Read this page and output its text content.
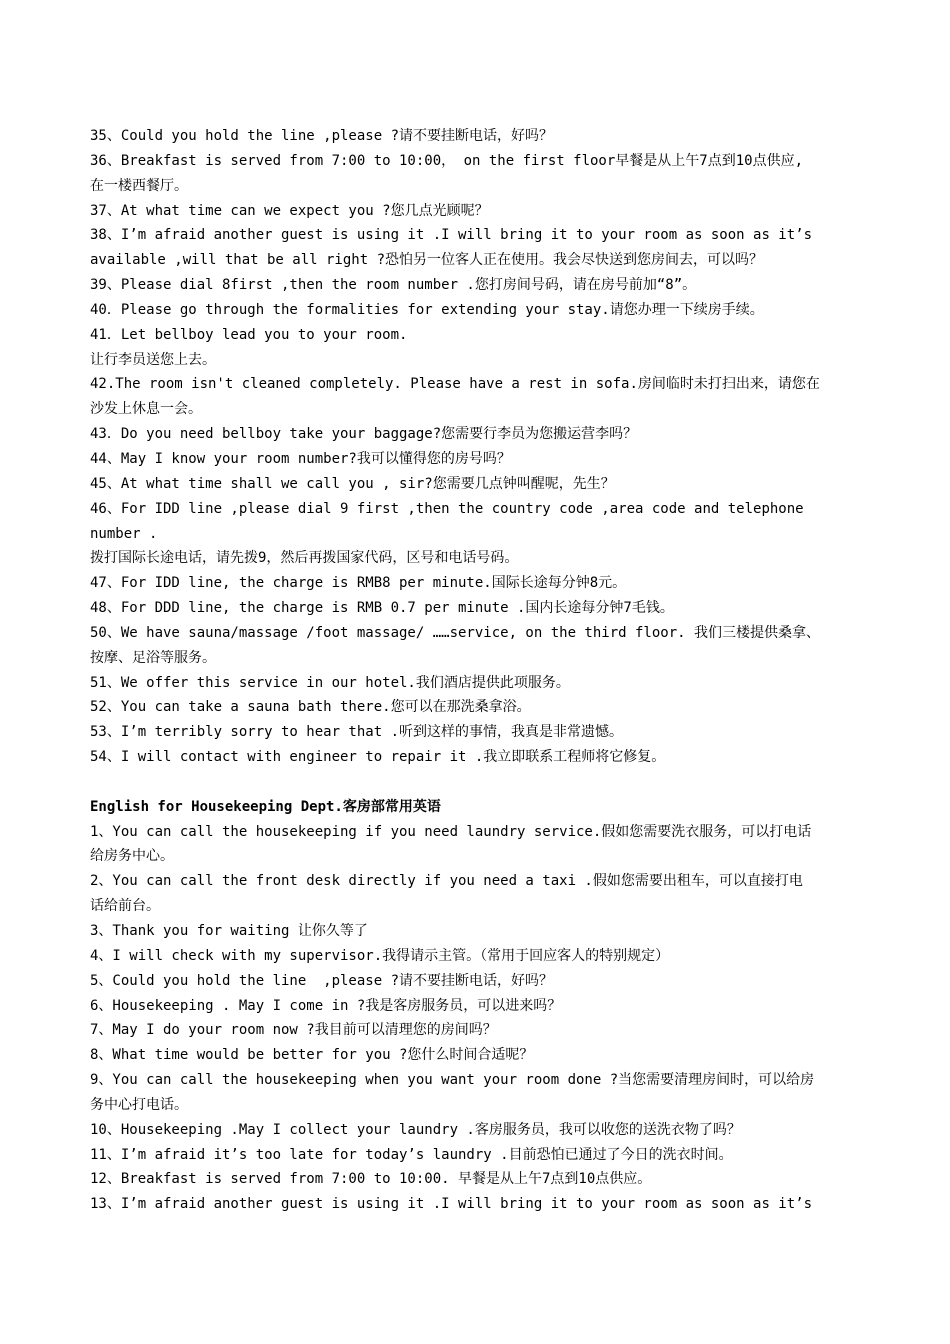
35、Could you hold the line ,please ?请不要挂断电话，好吗？
36、Breakfast is served from 7:00 to 10:00， on the first floor早餐是从上午7点到10点供应,
在一楼西餐厅。
37、At what time can we expect you ?您几点光顾呢？
38、I’m afraid another guest is using it .I will bring it to your room as soon as it’s
available ,will that be all right ?恐怕另一位客人正在使用。我会尽快送到您房间去，可以吗？
39、Please dial 8first ,then the room number .您打房间号码，请在房号前加“8”。
40．Please go through the formalities for extending your stay.请您办理一下续房手续。
41．Let bellboy lead you to your room.
让行李员送您上去。
42.The room isn't cleaned completely. Please have a rest in sofa.房间临时未打扫出来，请您在
沙发上休息一会。
43．Do you need bellboy take your baggage?您需要行李员为您搬运营李吗？
44、May I know your room number?我可以懂得您的房号吗？
45、At what time shall we call you , sir?您需要几点钟叫醒呢，先生？
46、For IDD line ,please dial 9 first ,then the country code ,area code and telephone
number .
拨打国际长途电话，请先拨9，然后再拨国家代码，区号和电话号码。
47、For IDD line, the charge is RMB8 per minute.国际长途每分钟8元。
48、For DDD line, the charge is RMB 0.7 per minute .国内长途每分钟7毛钱。
50、We have sauna/massage /foot massage/ ……service, on the third floor. 我们三楼提供桑拿、
按摩、足浴等服务。
51、We offer this service in our hotel.我们酒店提供此项服务。
52、You can take a sauna bath there.您可以在那洗桑拿浴。
53、I’m terribly sorry to hear that .听到这样的事情，我真是非常遗憾。
54、I will contact with engineer to repair it .我立即联系工程师将它修复。
English for Housekeeping Dept.客房部常用英语
1、You can call the housekeeping if you need laundry service.假如您需要洗衣服务，可以打电话
给房务中心。
2、You can call the front desk directly if you need a taxi .假如您需要出租车，可以直接打电
话给前台。
3、Thank you for waiting 让你久等了
4、I will check with my supervisor.我得请示主管。（常用于回应客人的特别规定）
5、Could you hold the line  ,please ?请不要挂断电话，好吗？
6、Housekeeping . May I come in ?我是客房服务员，可以进来吗？
7、May I do your room now ?我目前可以清理您的房间吗？
8、What time would be better for you ?您什么时间合适呢？
9、You can call the housekeeping when you want your room done ?当您需要清理房间时，可以给房
务中心打电话。
10、Housekeeping .May I collect your laundry .客房服务员，我可以收您的送洗衣物了吗？
11、I’m afraid it’s too late for today’s laundry .目前恐怕已通过了今日的洗衣时间。
12、Breakfast is served from 7:00 to 10:00. 早餐是从上午7点到10点供应。
13、I’m afraid another guest is using it .I will bring it to your room as soon as it’s
